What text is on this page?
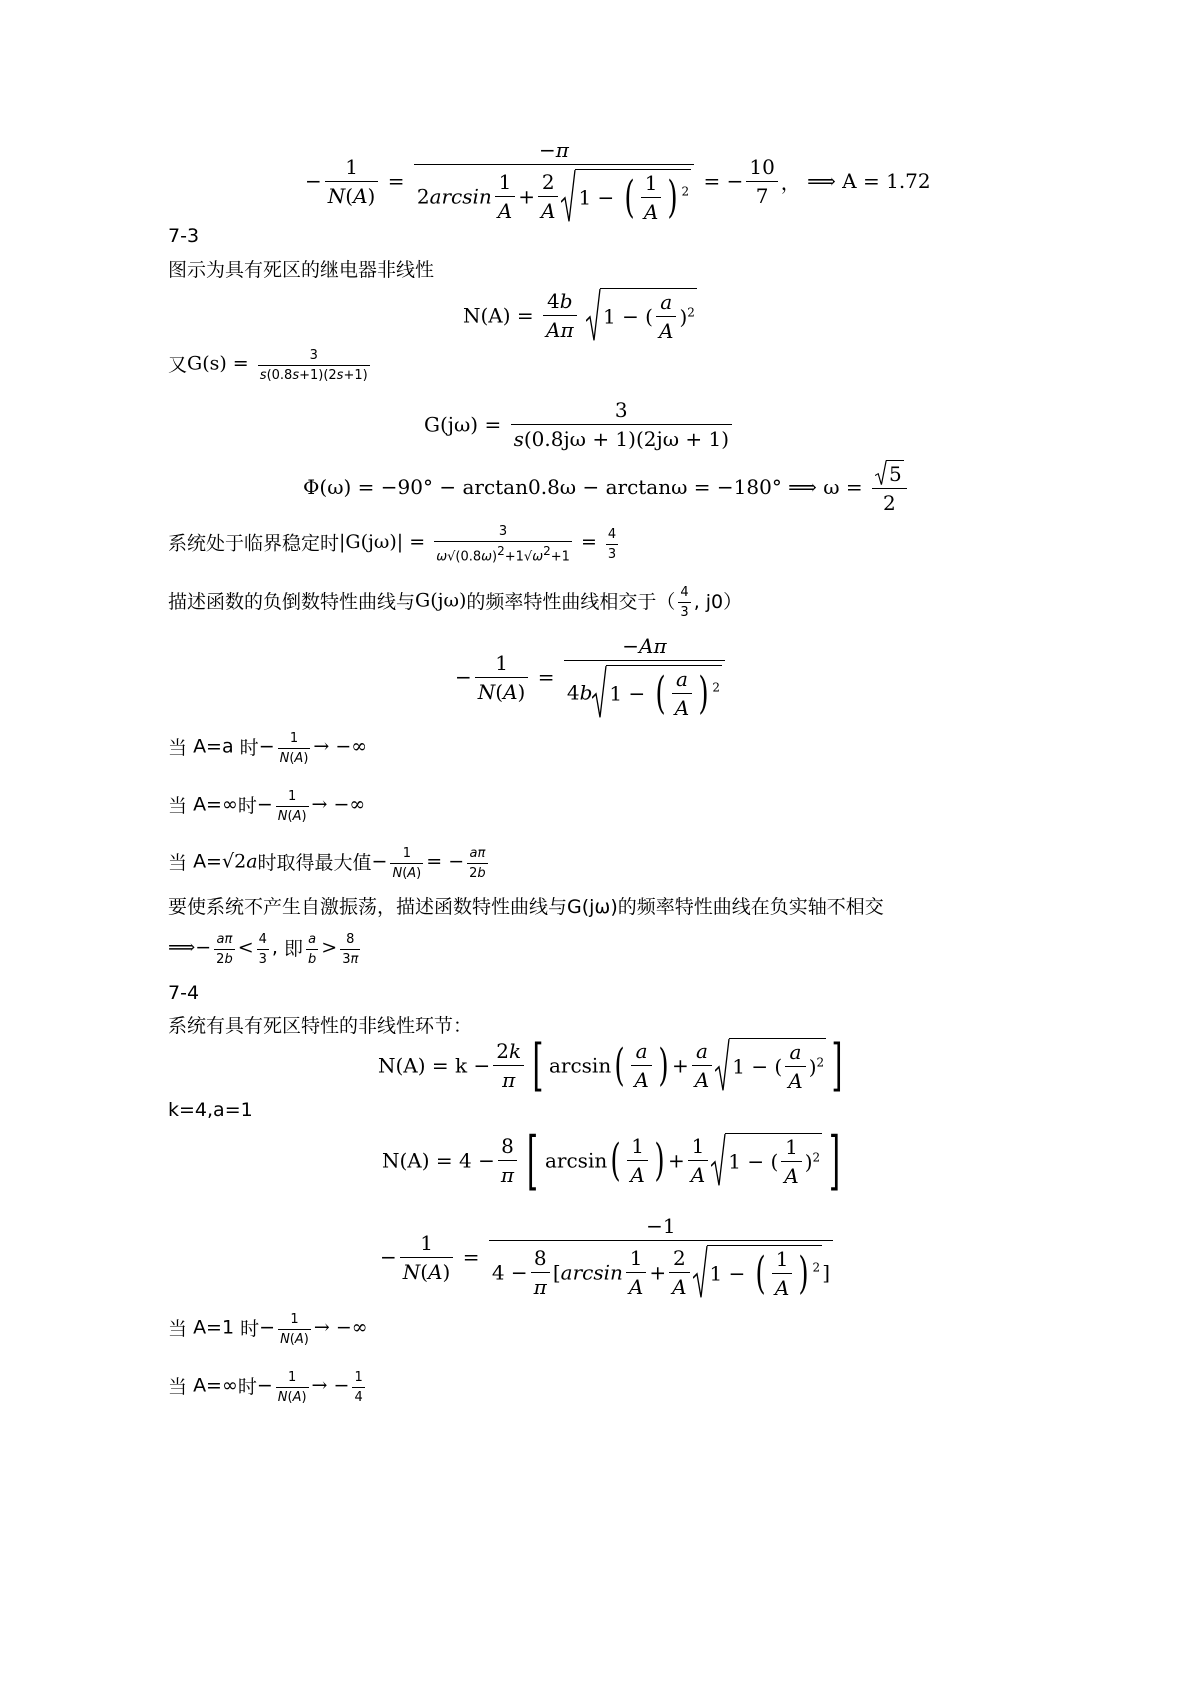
− $\frac{1}{N(A)} = \frac{-\pi}{2\arcsin \frac{1}{A} + \frac{2}{A} 1 - ( \frac{1}{A} ) ^2}$ = − $\frac{10}{7}$ ， ⟹ A = 1.72
7-3
图示为具有死区的继电器非线性
$N(A) = \frac{4b}{A\pi}$
1 − ( $\frac{a}{A} )^2$
又$G(s) = \frac{3}{s(0.8s+1)(2s+1)}$
$G(j\omega) = \frac{3}{s(0.8j\omega + 1)(2j\omega + 1)}$
Φ(ω) = −90° − arctan0.8ω − arctanω = −180° ⟹ $\omega = \frac{5}{2}$
系统处于临界稳定时$|G(j\omega)| = \frac{3}{\omega√(0.8\omega)^2+1√\omega^2+1} = \frac{4}{3}$
描述函数的负倒数特性曲线与G(jω)的频率特性曲线相交于（ $\frac{4}{3}$ , j0）
− $\frac{1}{N(A)} = \frac{-A\pi}{4b 1 - ( \frac{a}{A} ) ^2}$
当 A=a 时− $\frac{1}{N(A)}$ → −∞
当 A=∞时− $\frac{1}{N(A)}$ → −∞
当 A=√2a时取得最大值− $\frac{1}{N(A)}$ = − $\frac{a\pi}{2b}$
要使系统不产生自激振荡，描述函数特性曲线与G(jω)的频率特性曲线在负实轴不相交
⟹− $\frac{a\pi}{2b} < \frac{4}{3}$ , 即 $\frac{a}{b} > \frac{8}{3\pi}$
7-4
系统有具有死区特性的非线性环节：
$N(A) = k - \frac{2k}{\pi}$ [ $\arcsin( \frac{a}{A}$ ) + $\frac{a}{A} 1$ − ( $\frac{a}{A} )^2$ ]
k=4,a=1
$N(A) = 4 - \frac{8}{\pi}$ [ $\arcsin( \frac{1}{A}$ ) + $\frac{1}{A} 1$ − ( $\frac{1}{A} )^2$ ]
− $\frac{1}{N(A)} = \frac{-1}{4 - \frac{8}{\pi} [\arcsin \frac{1}{A} + \frac{2}{A} 1 - ( \frac{1}{A} ) ^2 ]}$
当 A=1 时− $\frac{1}{N(A)}$ → −∞
当 A=∞时− $\frac{1}{N(A)}$ → − $\frac{1}{4}$
